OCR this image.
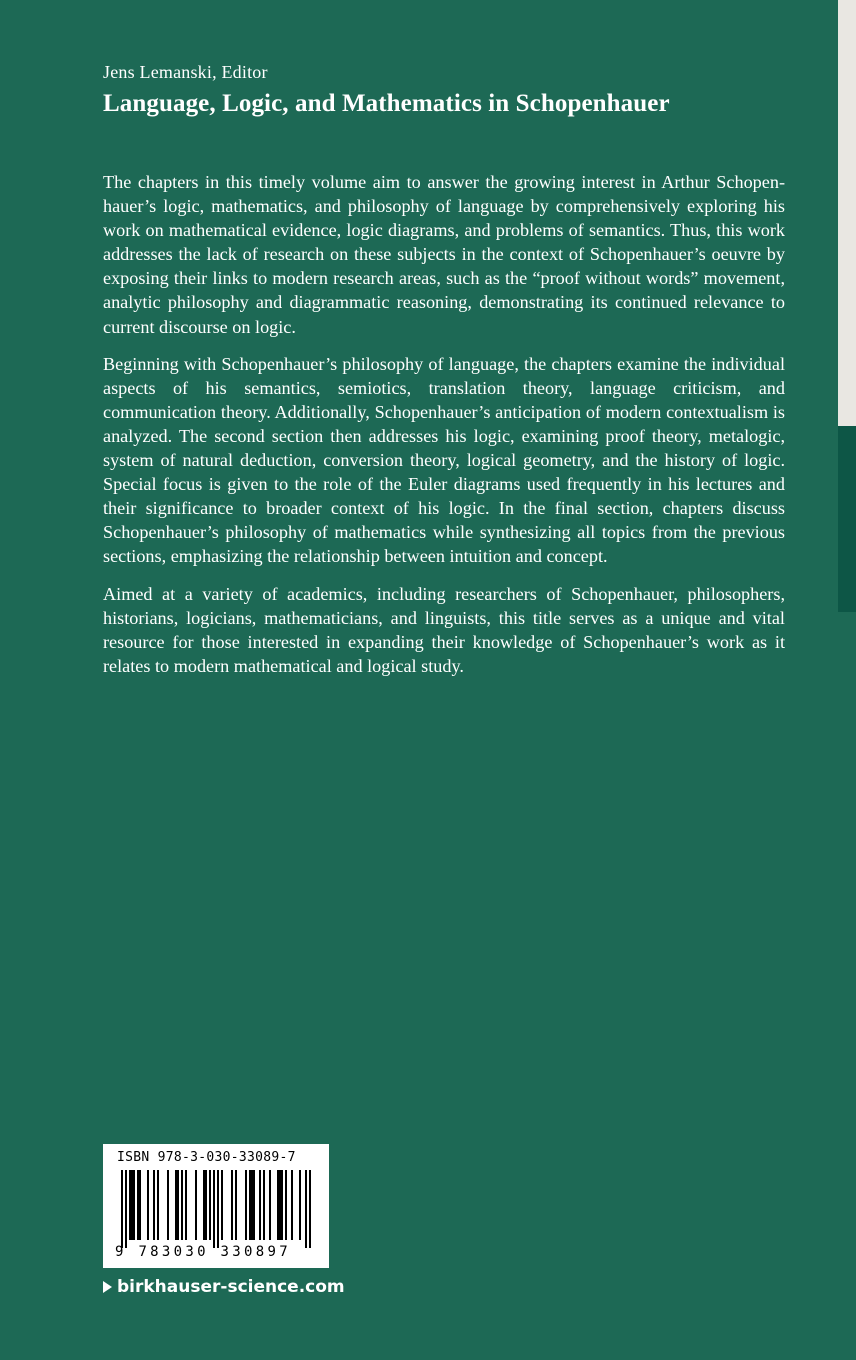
Jens Lemanski, Editor
Language, Logic, and Mathematics in Schopenhauer

The chapters in this timely volume aim to answer the growing interest in Arthur Schopenhauer’s logic, mathematics, and philosophy of language by comprehensively exploring his work on mathematical evidence, logic diagrams, and problems of semantics. Thus, this work addresses the lack of research on these subjects in the context of Schopenhauer’s oeuvre by exposing their links to modern research areas, such as the “proof without words” movement, analytic philosophy and diagrammatic reasoning, demonstrating its continued relevance to current discourse on logic.

Beginning with Schopenhauer’s philosophy of language, the chapters examine the individual aspects of his semantics, semiotics, translation theory, language criticism, and communication theory. Additionally, Schopenhauer’s anticipation of modern contextualism is analyzed. The second section then addresses his logic, examining proof theory, metalogic, system of natural deduction, conversion theory, logical geometry, and the history of logic. Special focus is given to the role of the Euler diagrams used frequently in his lectures and their significance to broader context of his logic. In the final section, chapters discuss Schopenhauer’s philosophy of mathematics while synthesizing all topics from the previous sections, emphasizing the relationship between intuition and concept.

Aimed at a variety of academics, including researchers of Schopenhauer, philosophers, historians, logicians, mathematicians, and linguists, this title serves as a unique and vital resource for those interested in expanding their knowledge of Schopenhauer’s work as it relates to modern mathematical and logical study.

ISBN 978-3-030-33089-7
9 783030 330897
birkhauser-science.com
